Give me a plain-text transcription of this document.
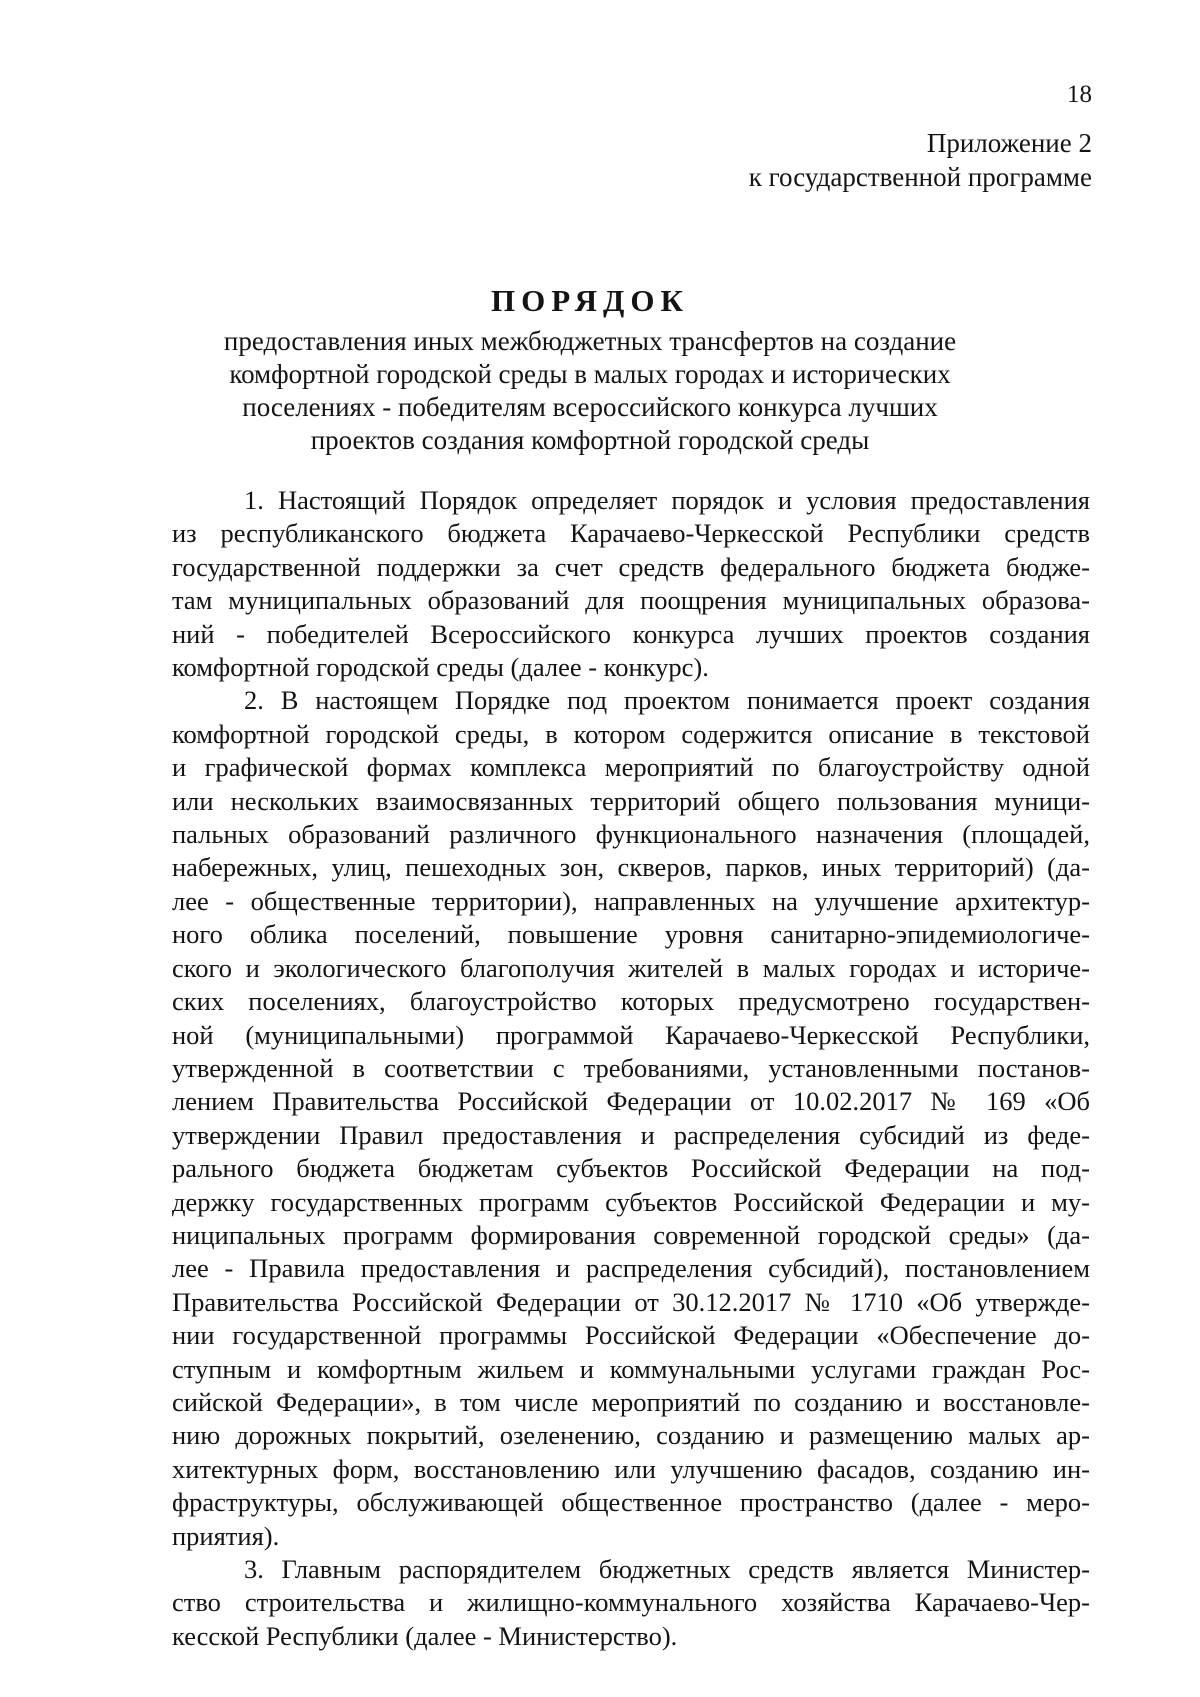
18
Приложение 2
к государственной программе
ПОРЯДОК
предоставления иных межбюджетных трансфертов на создание
комфортной городской среды в малых городах и исторических
поселениях - победителям всероссийского конкурса лучших
проектов создания комфортной городской среды
1. Настоящий Порядок определяет порядок и условия предоставления
из республиканского бюджета Карачаево-Черкесской Республики средств
государственной поддержки за счет средств федерального бюджета бюдже-
там муниципальных образований для поощрения муниципальных образова-
ний - победителей Всероссийского конкурса лучших проектов создания
комфортной городской среды (далее - конкурс).
2. В настоящем Порядке под проектом понимается проект создания
комфортной городской среды, в котором содержится описание в текстовой
и графической формах комплекса мероприятий по благоустройству одной
или нескольких взаимосвязанных территорий общего пользования муници-
пальных образований различного функционального назначения (площадей,
набережных, улиц, пешеходных зон, скверов, парков, иных территорий) (да-
лее - общественные территории), направленных на улучшение архитектур-
ного облика поселений, повышение уровня санитарно-эпидемиологиче-
ского и экологического благополучия жителей в малых городах и историче-
ских поселениях, благоустройство которых предусмотрено государствен-
ной (муниципальными) программой Карачаево-Черкесской Республики,
утвержденной в соответствии с требованиями, установленными постанов-
лением Правительства Российской Федерации от 10.02.2017 № 169 «Об
утверждении Правил предоставления и распределения субсидий из феде-
рального бюджета бюджетам субъектов Российской Федерации на под-
держку государственных программ субъектов Российской Федерации и му-
ниципальных программ формирования современной городской среды» (да-
лее - Правила предоставления и распределения субсидий), постановлением
Правительства Российской Федерации от 30.12.2017 № 1710 «Об утвержде-
нии государственной программы Российской Федерации «Обеспечение до-
ступным и комфортным жильем и коммунальными услугами граждан Рос-
сийской Федерации», в том числе мероприятий по созданию и восстановле-
нию дорожных покрытий, озеленению, созданию и размещению малых ар-
хитектурных форм, восстановлению или улучшению фасадов, созданию ин-
фраструктуры, обслуживающей общественное пространство (далее - меро-
приятия).
3. Главным распорядителем бюджетных средств является Министер-
ство строительства и жилищно-коммунального хозяйства Карачаево-Чер-
кесской Республики (далее - Министерство).
